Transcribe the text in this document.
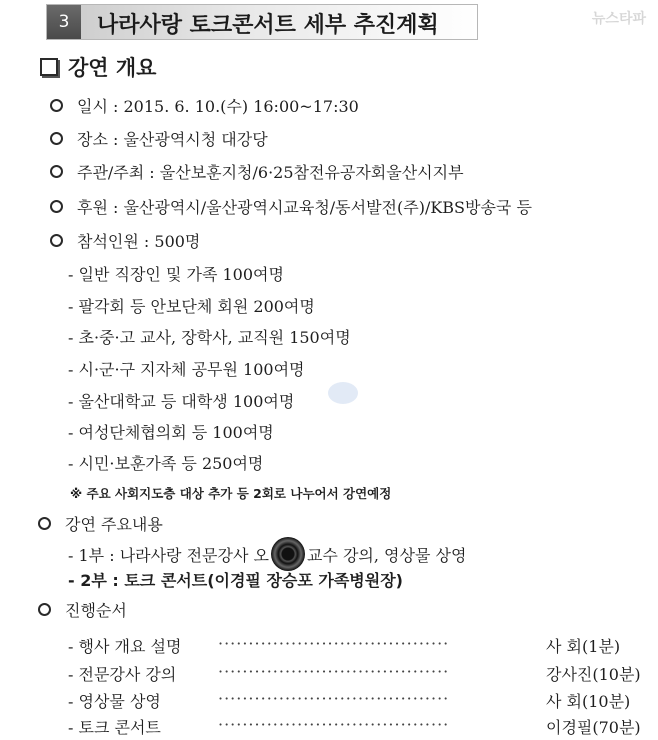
3	나라사랑 토크콘서트 세부 추진계획	뉴스타파
강연 개요
일시 : 2015. 6. 10.(수) 16:00~17:30
장소 : 울산광역시청 대강당
주관/주최 : 울산보훈지청/6·25참전유공자회울산시지부
후원 : 울산광역시/울산광역시교육청/동서발전(주)/KBS방송국 등
참석인원 : 500명
- 일반 직장인 및 가족 100여명
- 팔각회 등 안보단체 회원 200여명
- 초·중·고 교사, 장학사, 교직원 150여명
- 시·군·구 지자체 공무원 100여명
- 울산대학교 등 대학생 100여명
- 여성단체협의회 등 100여명
- 시민·보훈가족 등 250여명
※ 주요 사회지도층 대상 추가 등 2회로 나누어서 강연예정
강연 주요내용
- 1부 : 나라사랑 전문강사 오 교수 강의, 영상물 상영
- 2부 : 토크 콘서트(이경필 장승포 가족병원장)
진행순서
- 행사 개요 설명 ······································	사 회(1분)
- 전문강사 강의	······································	강사진(10분)
- 영상물 상영	······································	사 회(10분)
- 토크 콘서트	······································	이경필(70분)
